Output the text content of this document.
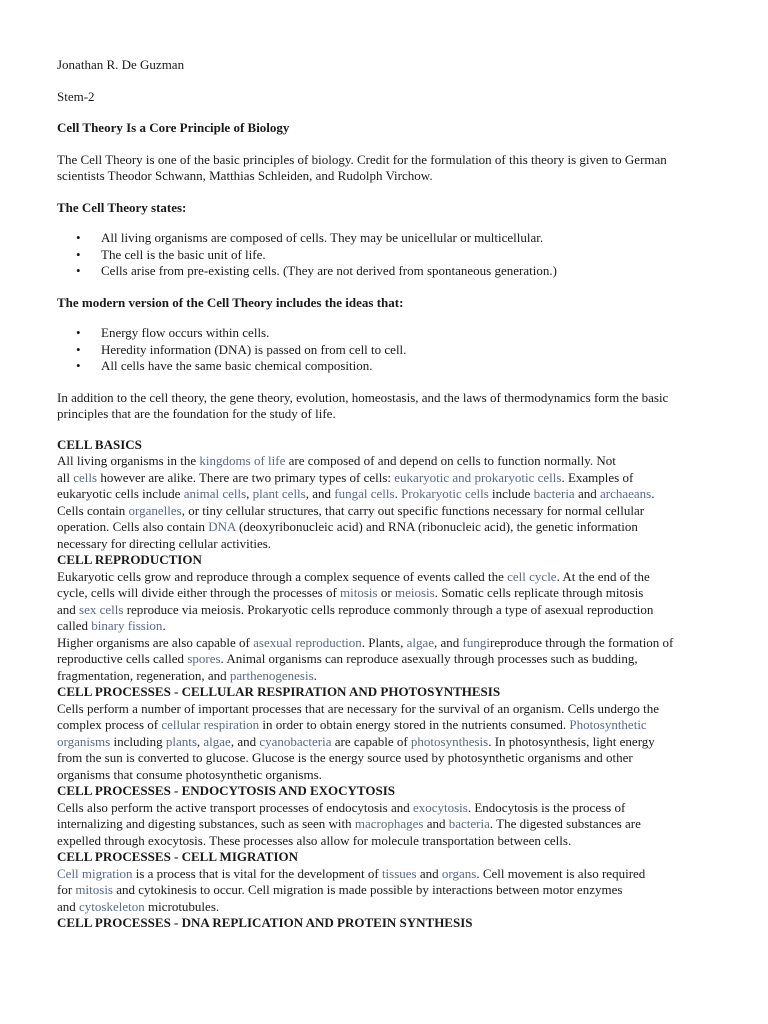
Jonathan R. De Guzman

Stem-2

Cell Theory Is a Core Principle of Biology

The Cell Theory is one of the basic principles of biology. Credit for the formulation of this theory is given to German

scientists Theodor Schwann, Matthias Schleiden, and Rudolph Virchow.

The Cell Theory states:

• All living organisms are composed of cells. They may be unicellular or multicellular.
• The cell is the basic unit of life.
• Cells arise from pre-existing cells. (They are not derived from spontaneous generation.)

The modern version of the Cell Theory includes the ideas that:

• Energy flow occurs within cells.
• Heredity information (DNA) is passed on from cell to cell.
• All cells have the same basic chemical composition.

In addition to the cell theory, the gene theory, evolution, homeostasis, and the laws of thermodynamics form the basic

principles that are the foundation for the study of life.

CELL BASICS

All living organisms in the kingdoms of life are composed of and depend on cells to function normally. Not

all cells however are alike. There are two primary types of cells: eukaryotic and prokaryotic cells. Examples of

eukaryotic cells include animal cells, plant cells, and fungal cells. Prokaryotic cells include bacteria and archaeans.

Cells contain organelles, or tiny cellular structures, that carry out specific functions necessary for normal cellular

operation. Cells also contain DNA (deoxyribonucleic acid) and RNA (ribonucleic acid), the genetic information

necessary for directing cellular activities.

CELL REPRODUCTION

Eukaryotic cells grow and reproduce through a complex sequence of events called the cell cycle. At the end of the

cycle, cells will divide either through the processes of mitosis or meiosis. Somatic cells replicate through mitosis

and sex cells reproduce via meiosis. Prokaryotic cells reproduce commonly through a type of asexual reproduction

called binary fission.

Higher organisms are also capable of asexual reproduction. Plants, algae, and fungireproduce through the formation of

reproductive cells called spores. Animal organisms can reproduce asexually through processes such as budding,

fragmentation, regeneration, and parthenogenesis.

CELL PROCESSES - CELLULAR RESPIRATION AND PHOTOSYNTHESIS

Cells perform a number of important processes that are necessary for the survival of an organism. Cells undergo the

complex process of cellular respiration in order to obtain energy stored in the nutrients consumed. Photosynthetic

organisms including plants, algae, and cyanobacteria are capable of photosynthesis. In photosynthesis, light energy

from the sun is converted to glucose. Glucose is the energy source used by photosynthetic organisms and other

organisms that consume photosynthetic organisms.

CELL PROCESSES - ENDOCYTOSIS AND EXOCYTOSIS

Cells also perform the active transport processes of endocytosis and exocytosis. Endocytosis is the process of

internalizing and digesting substances, such as seen with macrophages and bacteria. The digested substances are

expelled through exocytosis. These processes also allow for molecule transportation between cells.

CELL PROCESSES - CELL MIGRATION

Cell migration is a process that is vital for the development of tissues and organs. Cell movement is also required

for mitosis and cytokinesis to occur. Cell migration is made possible by interactions between motor enzymes

and cytoskeleton microtubules.

CELL PROCESSES - DNA REPLICATION AND PROTEIN SYNTHESIS
